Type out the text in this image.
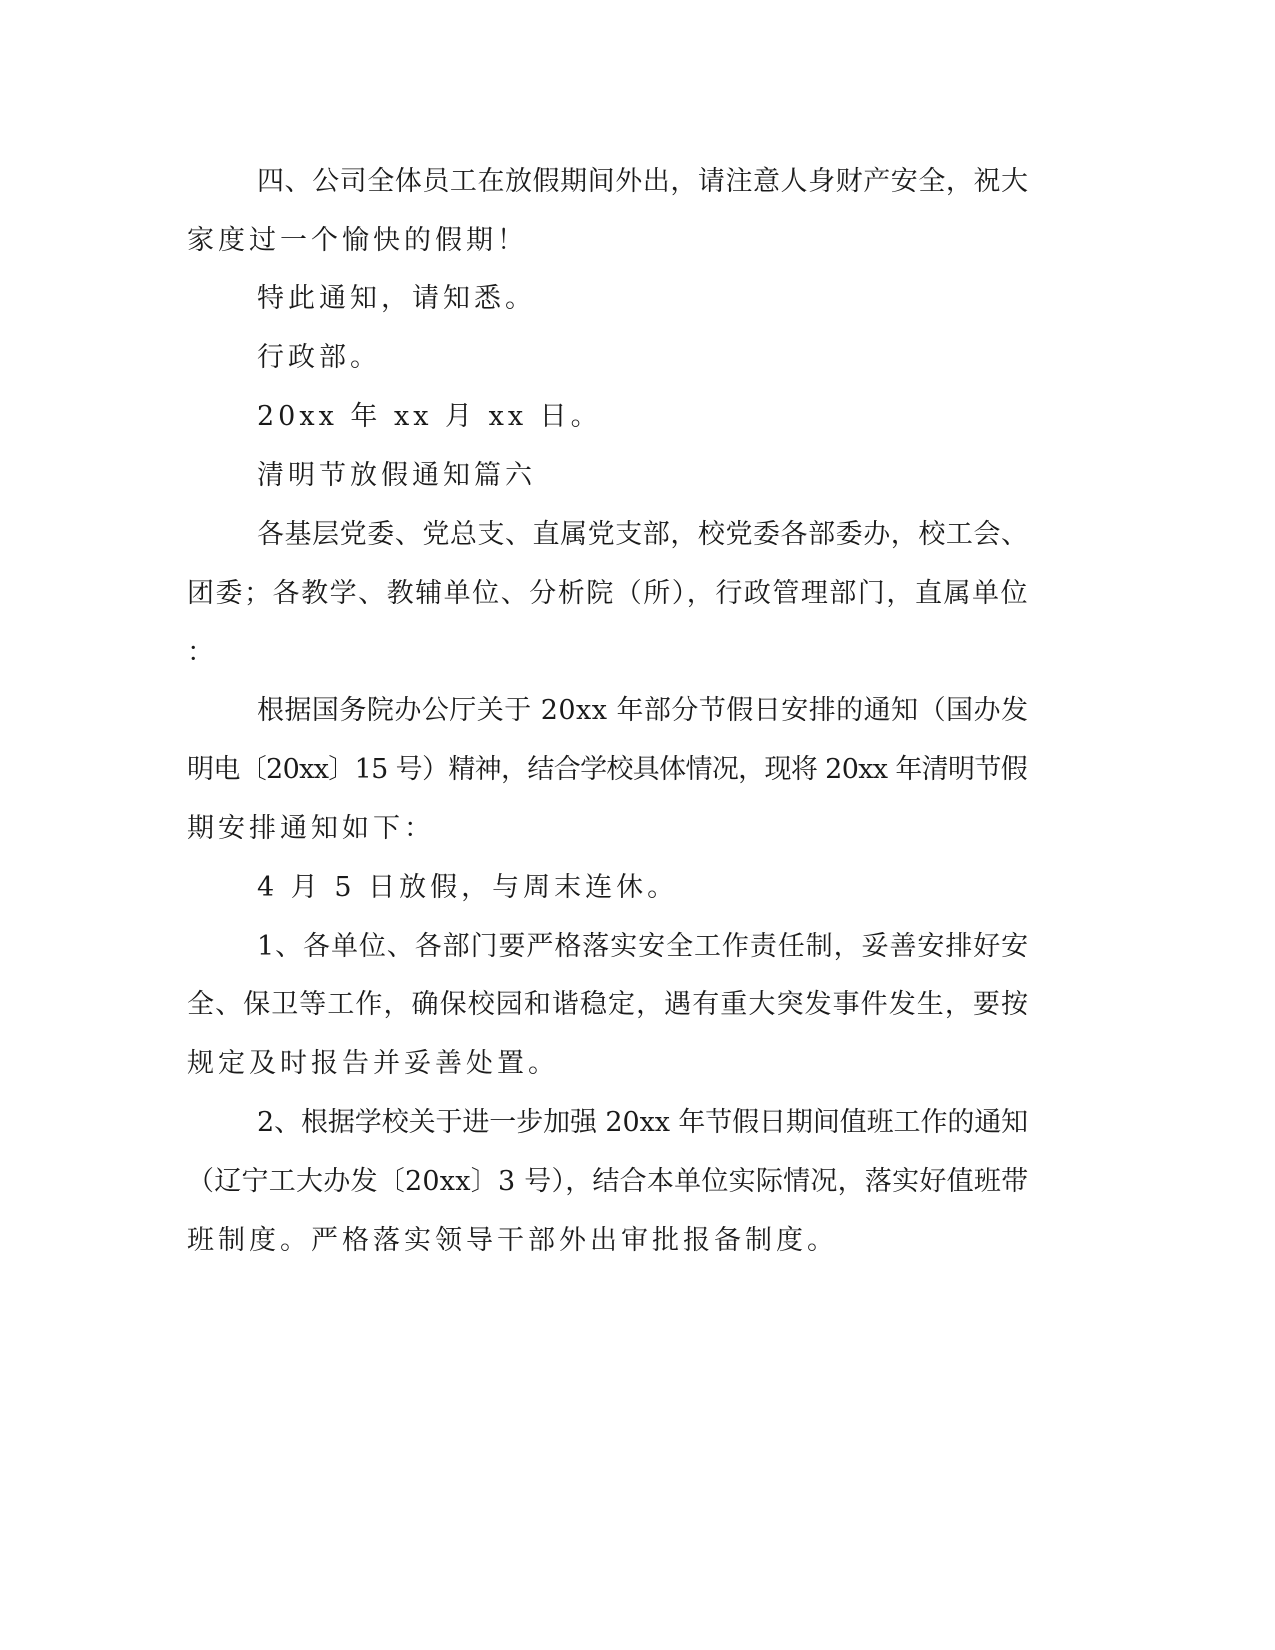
四、公司全体员工在放假期间外出，请注意人身财产安全，祝大
家度过一个愉快的假期！
特此通知，请知悉。
行政部。
20xx 年 xx 月 xx 日。
清明节放假通知篇六
各基层党委、党总支、直属党支部，校党委各部委办，校工会、
团委；各教学、教辅单位、分析院（所），行政管理部门，直属单位
：
根据国务院办公厅关于 20xx 年部分节假日安排的通知（国办发
明电〔20xx〕15 号）精神，结合学校具体情况，现将 20xx 年清明节假
期安排通知如下：
4 月 5 日放假，与周末连休。
1、各单位、各部门要严格落实安全工作责任制，妥善安排好安
全、保卫等工作，确保校园和谐稳定，遇有重大突发事件发生，要按
规定及时报告并妥善处置。
2、根据学校关于进一步加强 20xx 年节假日期间值班工作的通知
（辽宁工大办发〔20xx〕3 号），结合本单位实际情况，落实好值班带
班制度。严格落实领导干部外出审批报备制度。
